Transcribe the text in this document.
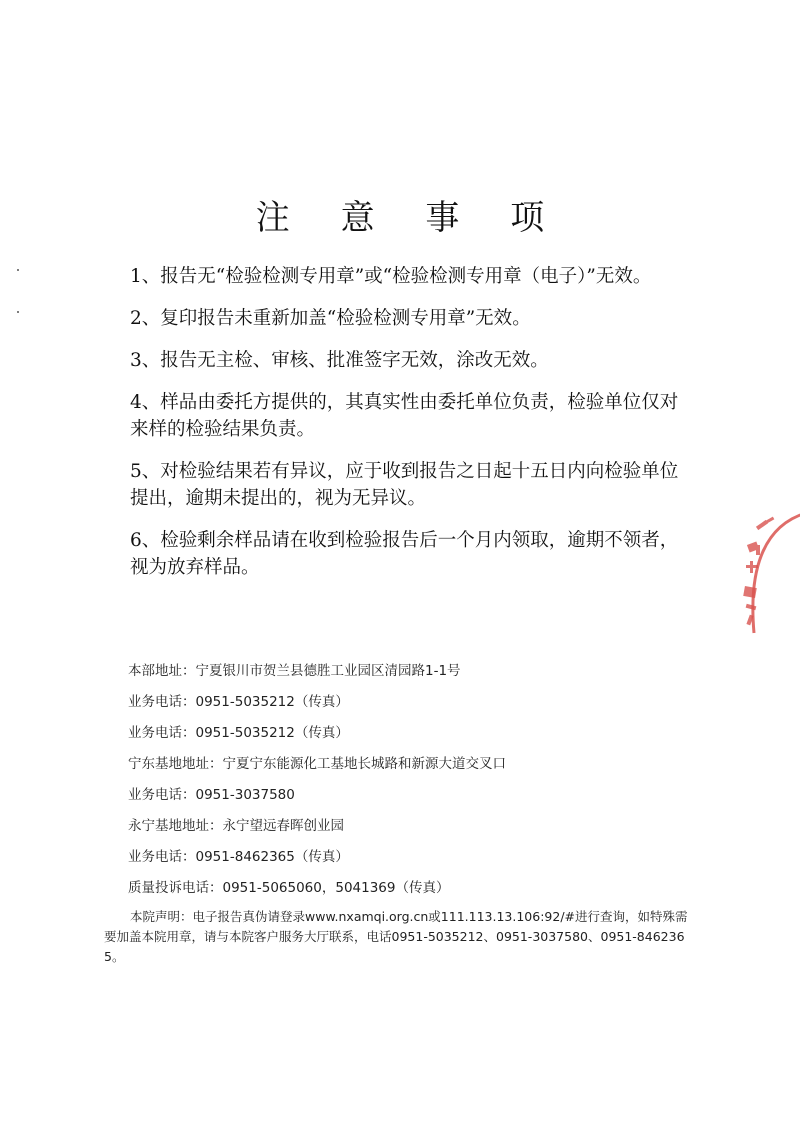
注 意 事 项

1、报告无“检验检测专用章”或“检验检测专用章（电子）”无效。

2、复印报告未重新加盖“检验检测专用章”无效。

3、报告无主检、审核、批准签字无效，涂改无效。

4、样品由委托方提供的，其真实性由委托单位负责，检验单位仅对来样的检验结果负责。

5、对检验结果若有异议，应于收到报告之日起十五日内向检验单位提出，逾期未提出的，视为无异议。

6、检验剩余样品请在收到检验报告后一个月内领取，逾期不领者，视为放弃样品。

本部地址：宁夏银川市贺兰县德胜工业园区清园路1-1号
业务电话：0951-5035212（传真）
业务电话：0951-5035212（传真）
宁东基地地址：宁夏宁东能源化工基地长城路和新源大道交叉口
业务电话：0951-3037580
永宁基地地址：永宁望远春晖创业园
业务电话：0951-8462365（传真）
质量投诉电话：0951-5065060，5041369（传真）
本院声明：电子报告真伪请登录www.nxamqi.org.cn或111.113.13.106:92/#进行查询，如特殊需要加盖本院用章，请与本院客户服务大厅联系，电话0951-5035212、0951-3037580、0951-8462365。
